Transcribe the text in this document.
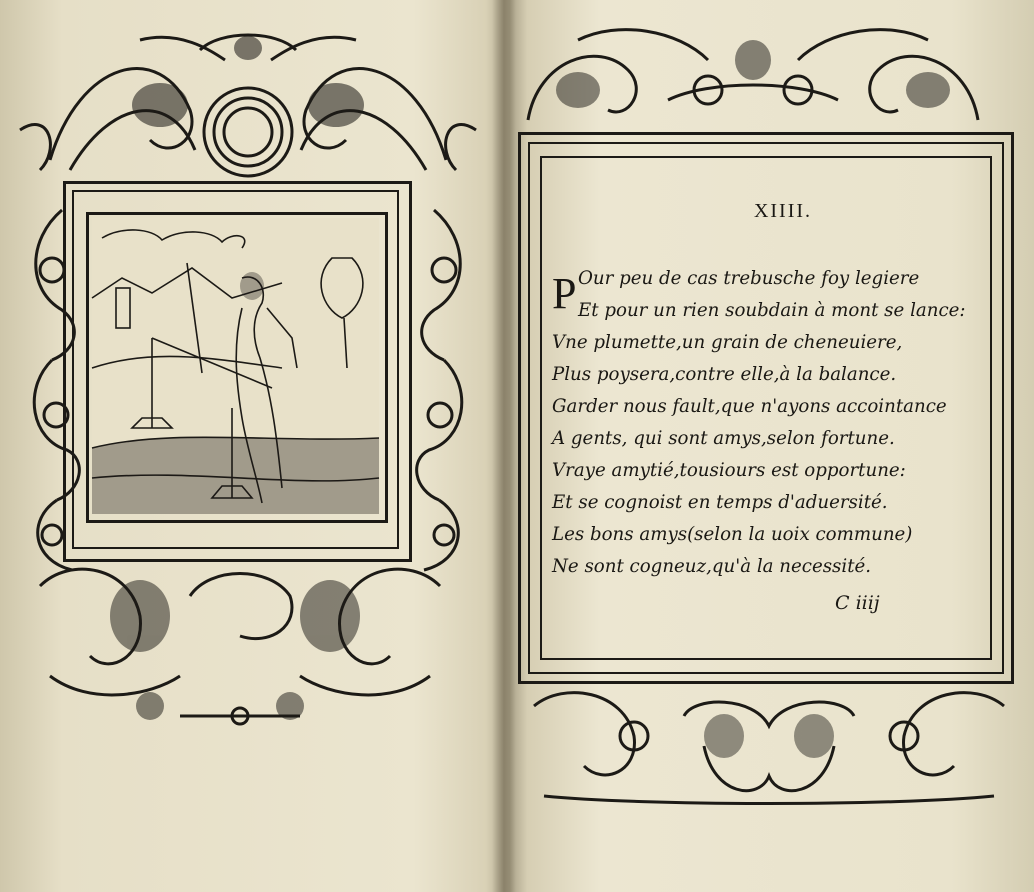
XIIII.
P Our peu de cas trebusche foy legiere
Et pour un rien soubdain à mont se lance:
Vne plumette,un grain de cheneuiere,
Plus poysera,contre elle,à la balance.
Garder nous fault,que n'ayons accointance
A gents, qui sont amys,selon fortune.
Vraye amytié,tousiours est opportune:
Et se cognoist en temps d'aduersité.
Les bons amys(selon la uoix commune)
Ne sont cogneuz,qu'à la necessité.
C iiij
